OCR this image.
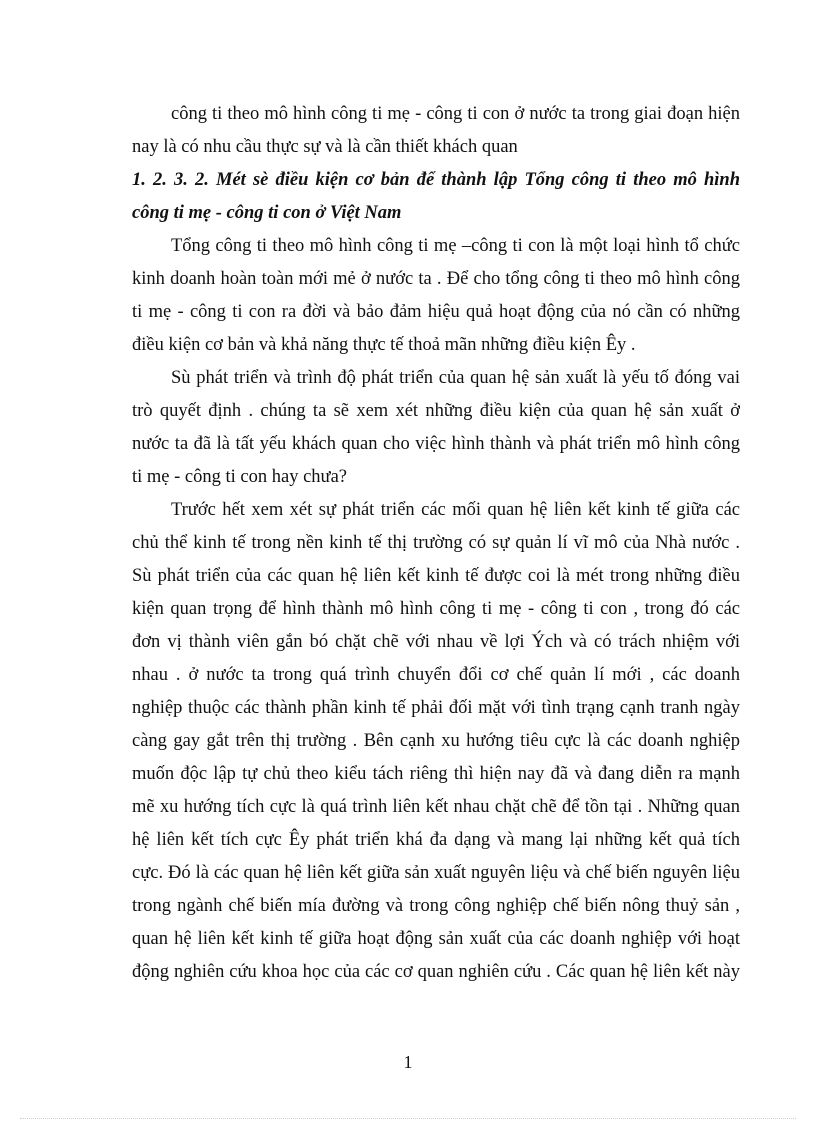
công ti theo mô hình công ti mẹ - công ti con ở nước ta trong giai đoạn hiện
nay là có nhu cầu thực sự và là cần thiết khách quan
1. 2. 3. 2. Mét sè điều kiện cơ bản để thành lập Tổng công ti theo mô hình
công ti mẹ - công ti con ở Việt Nam
Tổng công ti theo mô hình công ti mẹ –công ti con là một loại hình tổ chức
kinh doanh hoàn toàn mới mẻ ở nước ta . Để cho tổng công ti theo mô hình công
ti mẹ - công ti con ra đời và bảo đảm hiệu quả hoạt động của nó cần có những
điều kiện cơ bản và khả năng thực tế thoả mãn những điều kiện Êy .
Sù phát triển và trình độ phát triển của quan hệ sản xuất là yếu tố đóng vai
trò quyết định . chúng ta sẽ xem xét những điều kiện của quan hệ sản xuất ở
nước ta đã là tất yếu khách quan cho việc hình thành và phát triển mô hình công
ti mẹ - công ti con hay chưa?
Trước hết xem xét sự phát triển các mối quan hệ liên kết kinh tế giữa các
chủ thể kinh tế trong nền kinh tế thị trường có sự quản lí vĩ mô của Nhà nước .
Sù phát triển của các quan hệ liên kết kinh tế được coi là mét trong những điều
kiện quan trọng để hình thành mô hình công ti mẹ - công ti con , trong đó các
đơn vị thành viên gắn bó chặt chẽ với nhau về lợi Ých và có trách nhiệm với
nhau . ở nước ta trong quá trình chuyển đổi cơ chế quản lí mới , các doanh
nghiệp thuộc các thành phần kinh tế phải đối mặt với tình trạng cạnh tranh ngày
càng gay gắt trên thị trường . Bên cạnh xu hướng tiêu cực là các doanh nghiệp
muốn độc lập tự chủ theo kiểu tách riêng thì hiện nay đã và đang diễn ra mạnh
mẽ xu hướng tích cực là quá trình liên kết nhau chặt chẽ để tồn tại . Những quan
hệ liên kết tích cực Êy phát triển khá đa dạng và mang lại những kết quả tích
cực. Đó là các quan hệ liên kết giữa sản xuất nguyên liệu và chế biến nguyên liệu
trong ngành chế biến mía đường và trong công nghiệp chế biến nông thuỷ sản ,
quan hệ liên kết kinh tế giữa hoạt động sản xuất của các doanh nghiệp với hoạt
động nghiên cứu khoa học của các cơ quan nghiên cứu . Các quan hệ liên kết này
1
